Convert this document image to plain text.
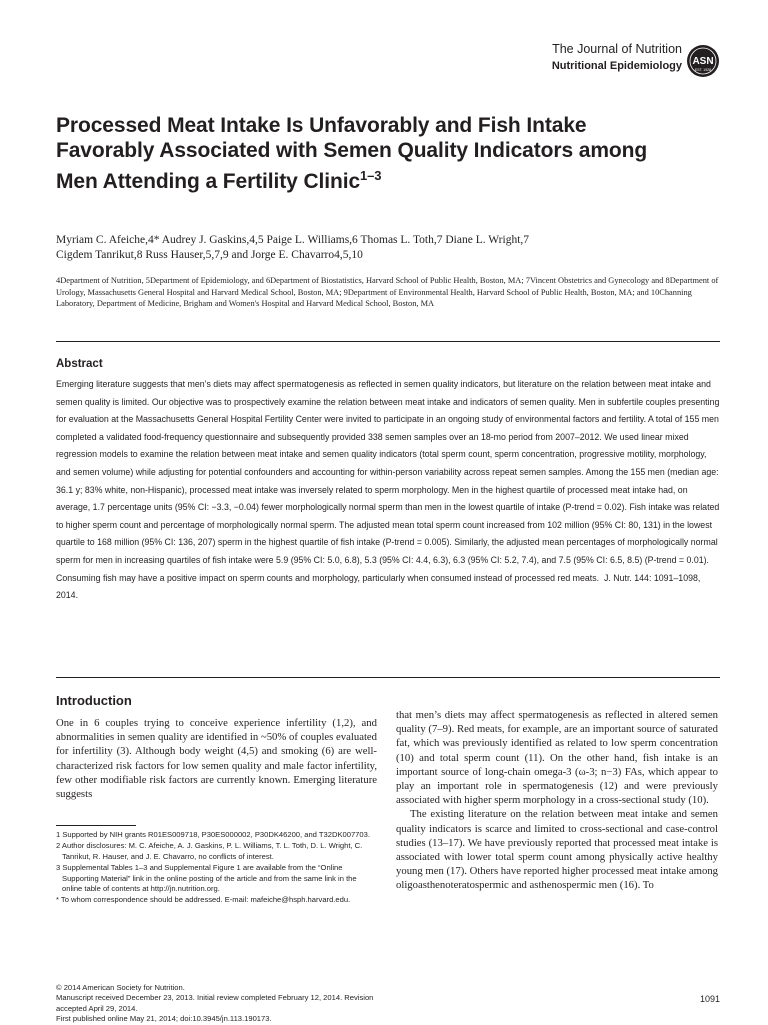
The Journal of Nutrition
Nutritional Epidemiology ASN
EST. 1928
Processed Meat Intake Is Unfavorably and Fish Intake Favorably Associated with Semen Quality Indicators among Men Attending a Fertility Clinic$^{1-3}$
Myriam C. Afeiche,4* Audrey J. Gaskins,4,5 Paige L. Williams,6 Thomas L. Toth,7 Diane L. Wright,7
Cigdem Tanrikut,8 Russ Hauser,5,7,9 and Jorge E. Chavarro4,5,10
4Department of Nutrition, 5Department of Epidemiology, and 6Department of Biostatistics, Harvard School of Public Health, Boston, MA; 7Vincent Obstetrics and Gynecology and 8Department of Urology, Massachusetts General Hospital and Harvard Medical School, Boston, MA; 9Department of Environmental Health, Harvard School of Public Health, Boston, MA; and 10Channing Laboratory, Department of Medicine, Brigham and Women's Hospital and Harvard Medical School, Boston, MA
Abstract
Emerging literature suggests that men’s diets may affect spermatogenesis as reflected in semen quality indicators, but literature on the relation between meat intake and semen quality is limited. Our objective was to prospectively examine the relation between meat intake and indicators of semen quality. Men in subfertile couples presenting for evaluation at the Massachusetts General Hospital Fertility Center were invited to participate in an ongoing study of environmental factors and fertility. A total of 155 men completed a validated food-frequency questionnaire and subsequently provided 338 semen samples over an 18-mo period from 2007–2012. We used linear mixed regression models to examine the relation between meat intake and semen quality indicators (total sperm count, sperm concentration, progressive motility, morphology, and semen volume) while adjusting for potential confounders and accounting for within-person variability across repeat semen samples. Among the 155 men (median age: 36.1 y; 83% white, non-Hispanic), processed meat intake was inversely related to sperm morphology. Men in the highest quartile of processed meat intake had, on average, 1.7 percentage units (95% CI: −3.3, −0.04) fewer morphologically normal sperm than men in the lowest quartile of intake (P-trend = 0.02). Fish intake was related to higher sperm count and percentage of morphologically normal sperm. The adjusted mean total sperm count increased from 102 million (95% CI: 80, 131) in the lowest quartile to 168 million (95% CI: 136, 207) sperm in the highest quartile of fish intake (P-trend = 0.005). Similarly, the adjusted mean percentages of morphologically normal sperm for men in increasing quartiles of fish intake were 5.9 (95% CI: 5.0, 6.8), 5.3 (95% CI: 4.4, 6.3), 6.3 (95% CI: 5.2, 7.4), and 7.5 (95% CI: 6.5, 8.5) (P-trend = 0.01). Consuming fish may have a positive impact on sperm counts and morphology, particularly when consumed instead of processed red meats. J. Nutr. 144: 1091–1098, 2014.
Introduction
One in 6 couples trying to conceive experience infertility (1,2), and abnormalities in semen quality are identified in ~50% of couples evaluated for infertility (3). Although body weight (4,5) and smoking (6) are well-characterized risk factors for low semen quality and male factor infertility, few other modifiable risk factors are currently known. Emerging literature suggests

that men’s diets may affect spermatogenesis as reflected in altered semen quality (7–9). Red meats, for example, are an important source of saturated fat, which was previously identified as related to low sperm concentration (10) and total sperm count (11). On the other hand, fish intake is an important source of long-chain omega-3 (ω-3; n−3) FAs, which appear to play an important role in spermatogenesis (12) and were previously associated with higher sperm morphology in a cross-sectional study (10).

The existing literature on the relation between meat intake and semen quality indicators is scarce and limited to cross-sectional and case-control studies (13–17). We have previously reported that processed meat intake is associated with lower total sperm count among physically active healthy young men (17). Others have reported higher processed meat intake among oligoasthenoteratospermic and asthenospermic men (16). To

1 Supported by NIH grants R01ES009718, P30ES000002, P30DK46200, and T32DK007703.
2 Author disclosures: M. C. Afeiche, A. J. Gaskins, P. L. Williams, T. L. Toth, D. L. Wright, C. Tanrikut, R. Hauser, and J. E. Chavarro, no conflicts of interest.
3 Supplemental Tables 1–3 and Supplemental Figure 1 are available from the “Online Supporting Material” link in the online posting of the article and from the same link in the online table of contents at http://jn.nutrition.org.
* To whom correspondence should be addressed. E-mail: mafeiche@hsph.harvard.edu.
© 2014 American Society for Nutrition.
Manuscript received December 23, 2013. Initial review completed February 12, 2014. Revision accepted April 29, 2014.
First published online May 21, 2014; doi:10.3945/jn.113.190173.
1091
